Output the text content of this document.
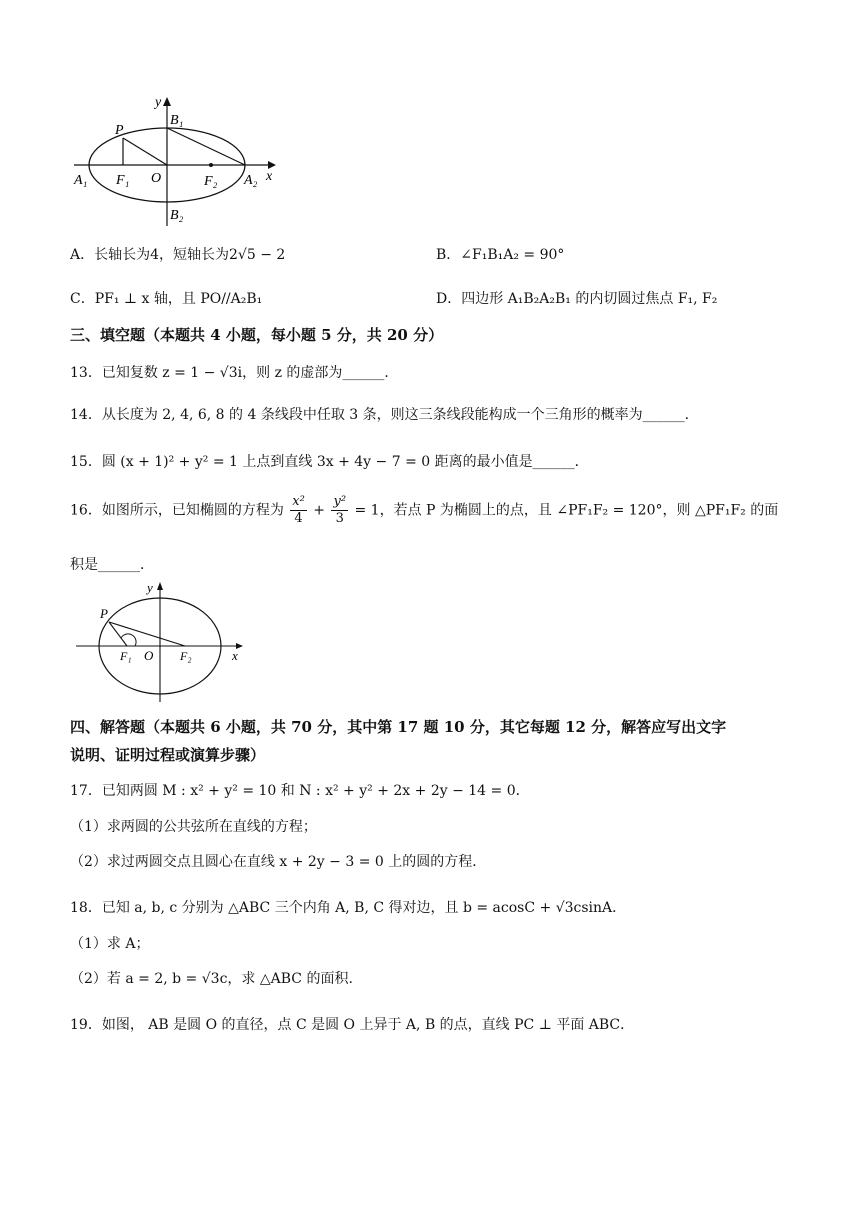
y
x
P
B₁
B₂
A₁	A₂
F₁	F₂
O
A．长轴长为4，短轴长为2√5 − 2	B．∠F₁B₁A₂ = 90°
C．PF₁ ⊥ x 轴，且 PO//A₂B₁	D．四边形 A₁B₂A₂B₁ 的内切圆过焦点 F₁, F₂
三、填空题（本题共 4 小题，每小题 5 分，共 20 分）
13．已知复数 z = 1 − √3i，则 z 的虚部为______．
14．从长度为 2, 4, 6, 8 的 4 条线段中任取 3 条，则这三条线段能构成一个三角形的概率为______．
15．圆 (x + 1)² + y² = 1 上点到直线 3x + 4y − 7 = 0 距离的最小值是______．
16．如图所示，已知椭圆的方程为 $\frac{\text{x²}}{4} + \frac{\text{y²}}{3} = 1$，若点 P 为椭圆上的点，且 ∠PF₁F₂ = 120°，则 △PF₁F₂ 的面
积是______．
y
x
P
F₁ O F₂
四、解答题（本题共 6 小题，共 70 分，其中第 17 题 10 分，其它每题 12 分，解答应写出文字
说明、证明过程或演算步骤）
17．已知两圆 M : x² + y² = 10 和 N : x² + y² + 2x + 2y − 14 = 0．
（1）求两圆的公共弦所在直线的方程；
（2）求过两圆交点且圆心在直线 x + 2y − 3 = 0 上的圆的方程．
18．已知 a, b, c 分别为 △ABC 三个内角 A, B, C 得对边，且 b = acosC + √3csinA．
（1）求 A；
（2）若 a = 2, b = √3c，求 △ABC 的面积.
19．如图， AB 是圆 O 的直径，点 C 是圆 O 上异于 A, B 的点，直线 PC ⊥ 平面 ABC．
